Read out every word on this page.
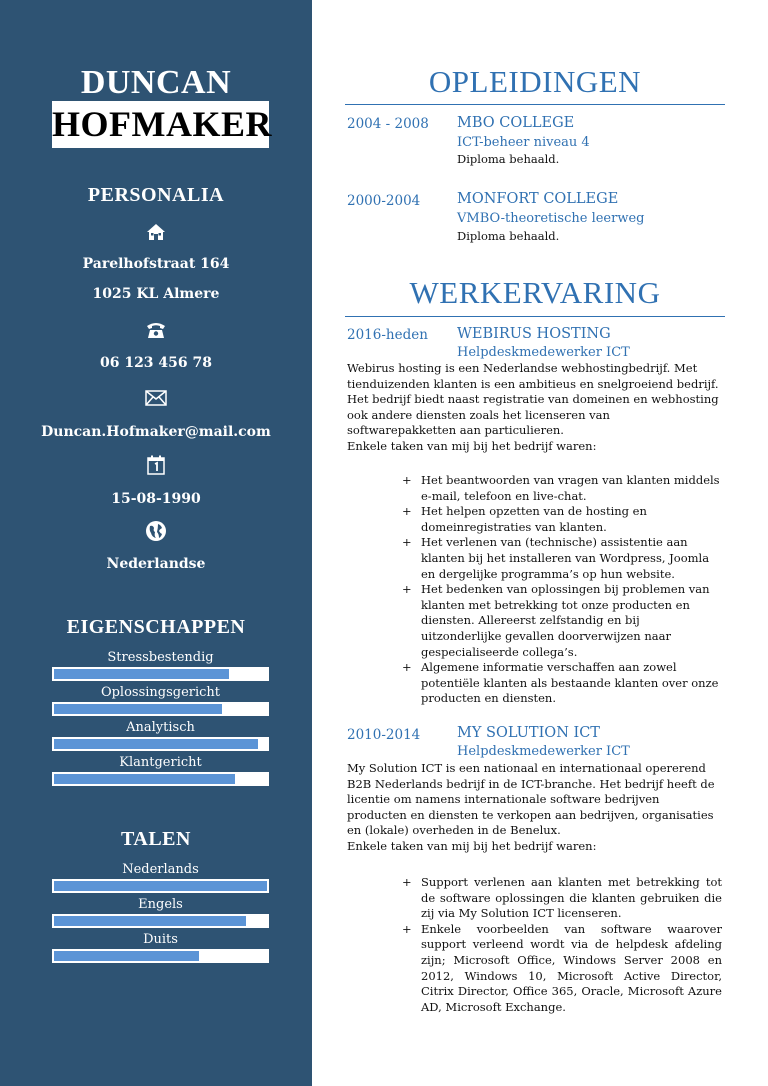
DUNCAN
HOFMAKER
PERSONALIA
Parelhofstraat 164
1025 KL Almere
06 123 456 78
Duncan.Hofmaker@mail.com
15-08-1990
Nederlandse
EIGENSCHAPPEN
Stressbestendig
Oplossingsgericht
Analytisch
Klantgericht
TALEN
Nederlands
Engels
Duits
OPLEIDINGEN
2004 - 2008 MBO COLLEGE
ICT-beheer niveau 4
Diploma behaald.
2000-2004	MONFORT COLLEGE
VMBO-theoretische leerweg
Diploma behaald.
WERKERVARING
2016-heden WEBIRUS HOSTING
Helpdeskmedewerker ICT
Webirus hosting is een Nederlandse webhostingbedrijf. Met tienduizenden klanten is een ambitieus en snelgroeiend bedrijf. Het bedrijf biedt naast registratie van domeinen en webhosting ook andere diensten zoals het licenseren van softwarepakketten aan particulieren.
Enkele taken van mij bij het bedrijf waren:
+ Het beantwoorden van vragen van klanten middels e-mail, telefoon en live-chat.
+ Het helpen opzetten van de hosting en domeinregistraties van klanten.
+ Het verlenen van (technische) assistentie aan klanten bij het installeren van Wordpress, Joomla en dergelijke programma’s op hun website.
+ Het bedenken van oplossingen bij problemen van klanten met betrekking tot onze producten en diensten. Allereerst zelfstandig en bij uitzonderlijke gevallen doorverwijzen naar gespecialiseerde collega’s.
+ Algemene informatie verschaffen aan zowel potentiële klanten als bestaande klanten over onze producten en diensten.
2010-2014	MY SOLUTION ICT
Helpdeskmedewerker ICT
My Solution ICT is een nationaal en internationaal opererend B2B Nederlands bedrijf in de ICT-branche. Het bedrijf heeft de licentie om namens internationale software bedrijven producten en diensten te verkopen aan bedrijven, organisaties en (lokale) overheden in de Benelux.
Enkele taken van mij bij het bedrijf waren:
+ Support verlenen aan klanten met betrekking tot de software oplossingen die klanten gebruiken die zij via My Solution ICT licenseren.
+ Enkele voorbeelden van software waarover support verleend wordt via de helpdesk afdeling zijn; Microsoft Office, Windows Server 2008 en 2012, Windows 10, Microsoft Active Director, Citrix Director, Office 365, Oracle, Microsoft Azure AD, Microsoft Exchange.
